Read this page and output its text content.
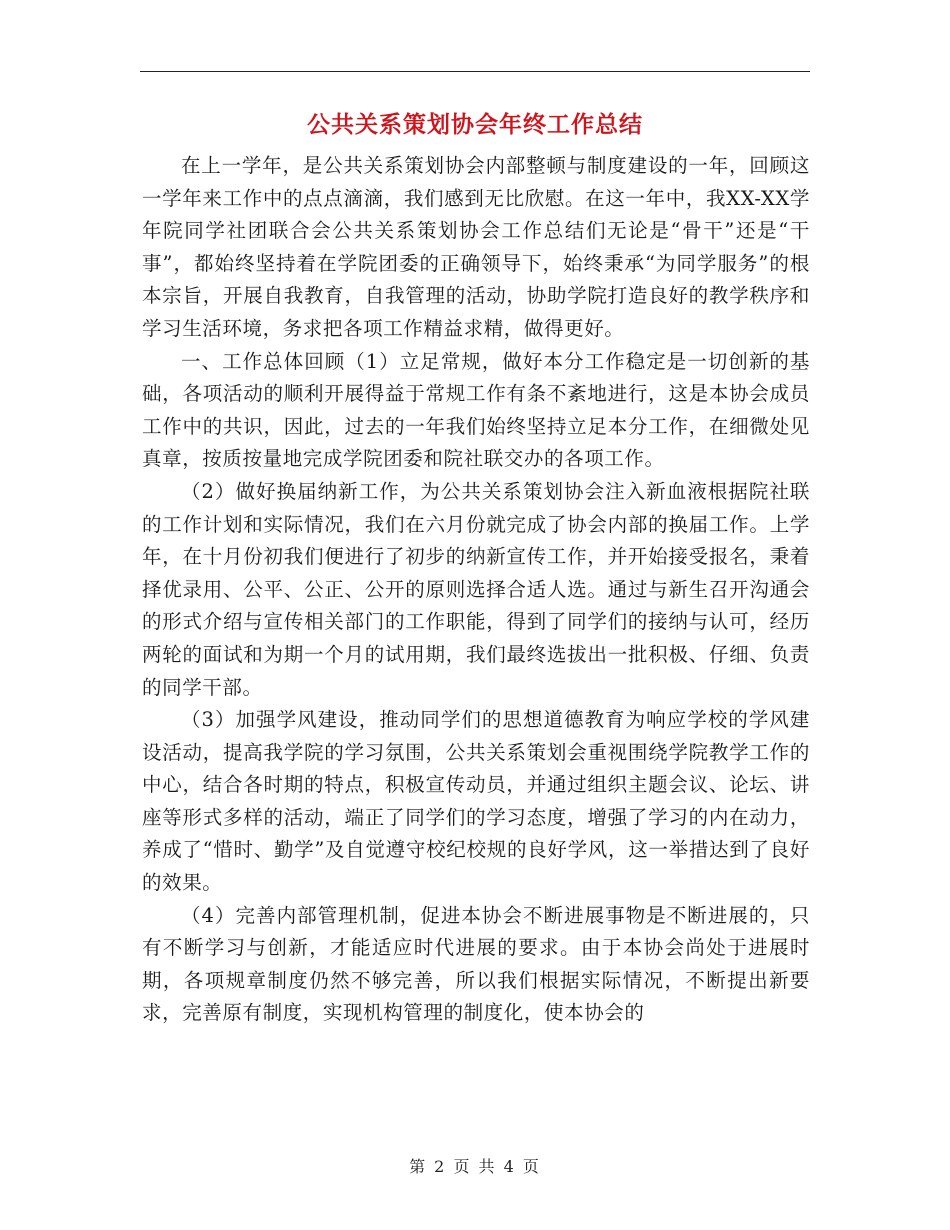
公共关系策划协会年终工作总结

在上一学年，是公共关系策划协会内部整顿与制度建设的一年，回顾这一学年来工作中的点点滴滴，我们感到无比欣慰。在这一年中，我XX-XX学年院同学社团联合会公共关系策划协会工作总结们无论是“骨干”还是“干事”，都始终坚持着在学院团委的正确领导下，始终秉承“为同学服务”的根本宗旨，开展自我教育，自我管理的活动，协助学院打造良好的教学秩序和学习生活环境，务求把各项工作精益求精，做得更好。

一、工作总体回顾（1）立足常规，做好本分工作稳定是一切创新的基础，各项活动的顺利开展得益于常规工作有条不紊地进行，这是本协会成员工作中的共识，因此，过去的一年我们始终坚持立足本分工作，在细微处见真章，按质按量地完成学院团委和院社联交办的各项工作。

（2）做好换届纳新工作，为公共关系策划协会注入新血液根据院社联的工作计划和实际情况，我们在六月份就完成了协会内部的换届工作。上学年，在十月份初我们便进行了初步的纳新宣传工作，并开始接受报名，秉着择优录用、公平、公正、公开的原则选择合适人选。通过与新生召开沟通会的形式介绍与宣传相关部门的工作职能，得到了同学们的接纳与认可，经历两轮的面试和为期一个月的试用期，我们最终选拔出一批积极、仔细、负责的同学干部。

（3）加强学风建设，推动同学们的思想道德教育为响应学校的学风建设活动，提高我学院的学习氛围，公共关系策划会重视围绕学院教学工作的中心，结合各时期的特点，积极宣传动员，并通过组织主题会议、论坛、讲座等形式多样的活动，端正了同学们的学习态度，增强了学习的内在动力，养成了“惜时、勤学”及自觉遵守校纪校规的良好学风，这一举措达到了良好的效果。

（4）完善内部管理机制，促进本协会不断进展事物是不断进展的，只有不断学习与创新，才能适应时代进展的要求。由于本协会尚处于进展时期，各项规章制度仍然不够完善，所以我们根据实际情况，不断提出新要求，完善原有制度，实现机构管理的制度化，使本协会的

第 2 页 共 4 页
